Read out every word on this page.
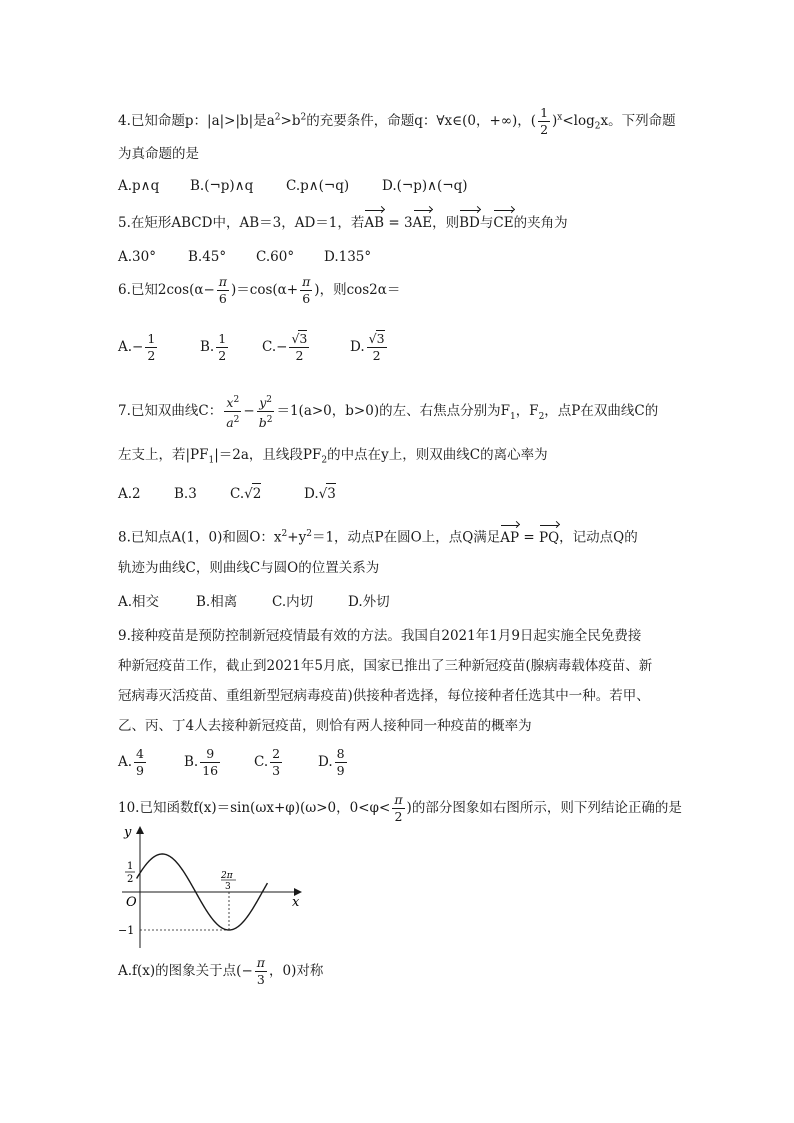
4.已知命题p：|a|>|b|是$a^2>b^2$的充要条件，命题q：∀x∈(0，+∞)，( $\frac{1}{2} )^x<\log_2x$。下列命题
为真命题的是
A.p∧q B.(¬p)∧q C.p∧(¬q) D.(¬p)∧(¬q)
5.在矩形ABCD中，AB＝3，AD＝1，若AB = 3AE，则BD与CE的夹角为
A.30° B.45° C.60° D.135°
6.已知$2\cos(\alpha- \frac{\pi}{6} )=\cos(\alpha+ \frac{\pi}{6}$ )，则cos2α＝
$A.- \frac{1}{2}$	B. $\frac{1}{2}$	$C.- \frac{√3}{2}$	D. $\frac{√3}{2}$
7.已知双曲线C： $\frac{x^2}{a^2} - \frac{y^2}{b^2} =1(a>0$，b>0)的左、右焦点分别为$F_1$，$F_2$，点P在双曲线C的
左支上，若$|PF_1|=2a$，且线段$PF_2$的中点在y上，则双曲线C的离心率为
A.2 B.3 C.√2	D.√3
8.已知点A(1，0)和圆O：$x^2+y^2=1$，动点P在圆O上，点Q满足AP = PQ，记动点Q的
轨迹为曲线C，则曲线C与圆O的位置关系为
A.相交	B.相离	C.内切	D.外切
9.接种疫苗是预防控制新冠疫情最有效的方法。我国自2021年1月9日起实施全民免费接
种新冠疫苗工作，截止到2021年5月底，国家已推出了三种新冠疫苗(腺病毒载体疫苗、新
冠病毒灭活疫苗、重组新型冠病毒疫苗)供接种者选择，每位接种者任选其中一种。若甲、
乙、丙、丁4人去接种新冠疫苗，则恰有两人接种同一种疫苗的概率为
A. $\frac{4}{9}$	B. $\frac{9}{16}$	C. $\frac{2}{3}$	D. $\frac{8}{9}$
10.已知函数f(x)＝sin(ωx+φ)(ω>0，$0<\varphi< \frac{\pi}{2}$ )的部分图象如右图所示，则下列结论正确的是
y
x
O
1
2
−1
2π
3
A.f(x)的图象关于点(− $\frac{\pi}{3}$ ，0)对称
